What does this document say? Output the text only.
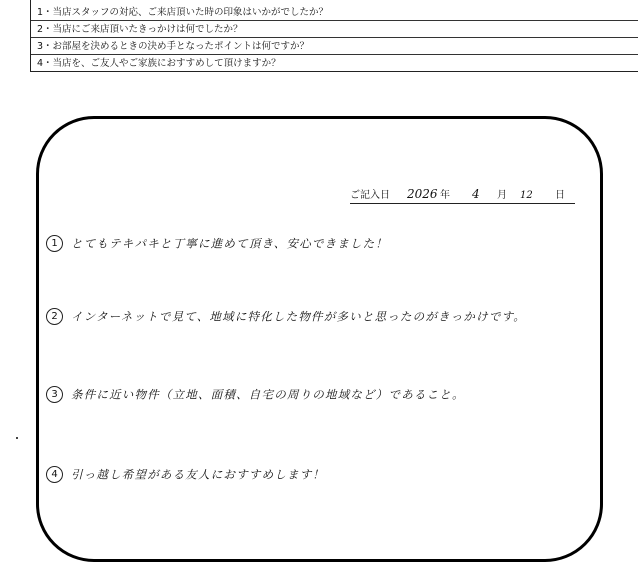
1・当店スタッフの対応、ご来店頂いた時の印象はいかがでしたか？
2・当店にご来店頂いたきっかけは何でしたか？
3・お部屋を決めるときの決め手となったポイントは何ですか？
4・当店を、ご友人やご家族におすすめして頂けますか？
ご記入日 2026 年 4 月 12 日
1 とてもテキパキと丁寧に進めて頂き、安心できました！
2 インターネットで見て、地域に特化した物件が多いと思ったのがきっかけです。
3 条件に近い物件（立地、面積、自宅の周りの地域など）であること。
4 引っ越し希望がある友人におすすめします！
